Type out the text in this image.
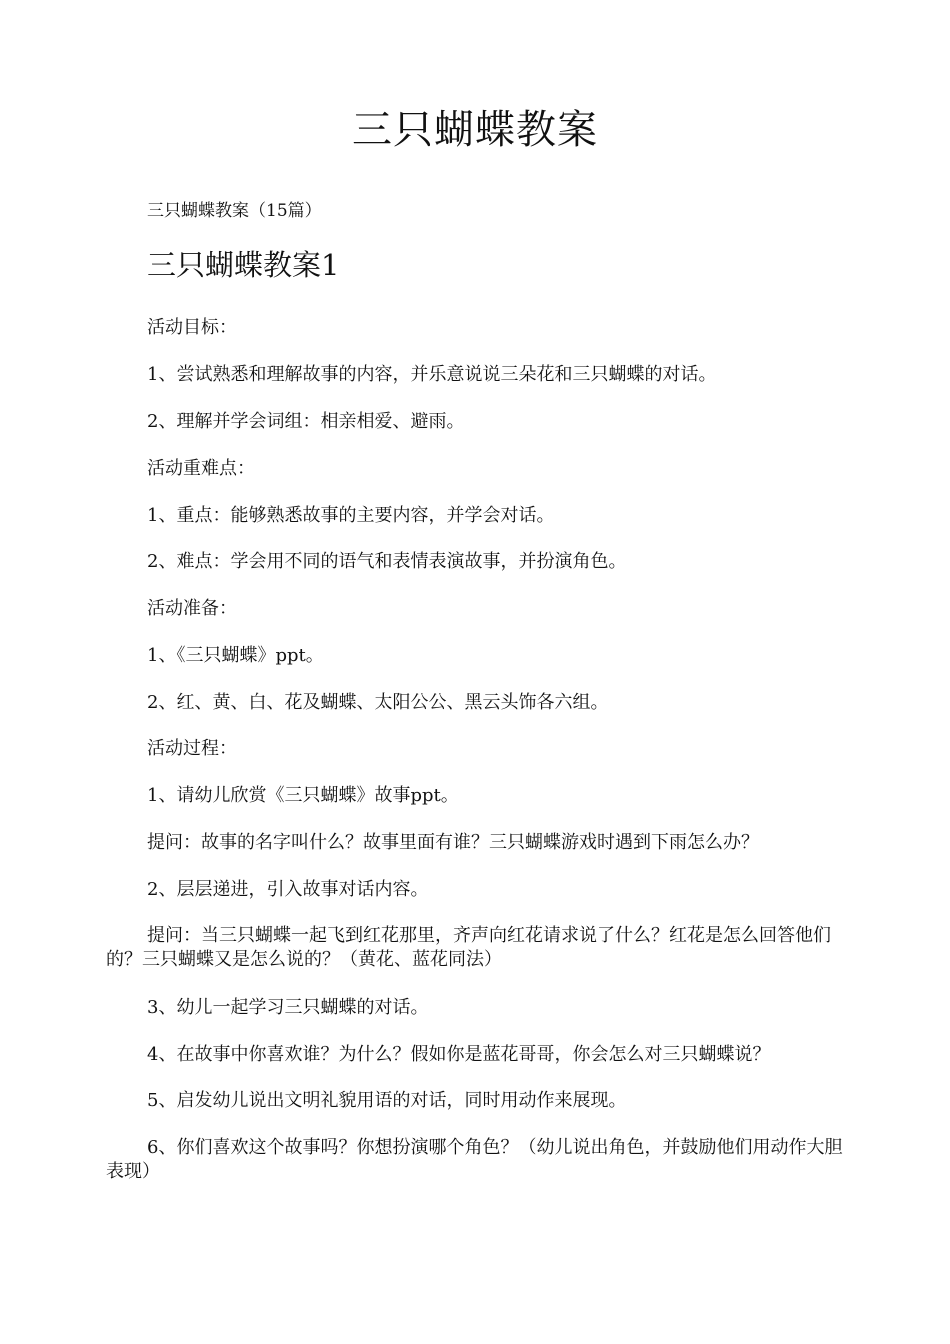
三只蝴蝶教案

三只蝴蝶教案（15篇）

三只蝴蝶教案1

活动目标：

1、尝试熟悉和理解故事的内容，并乐意说说三朵花和三只蝴蝶的对话。

2、理解并学会词组：相亲相爱、避雨。

活动重难点：

1、重点：能够熟悉故事的主要内容，并学会对话。

2、难点：学会用不同的语气和表情表演故事，并扮演角色。

活动准备：

1、《三只蝴蝶》ppt。

2、红、黄、白、花及蝴蝶、太阳公公、黑云头饰各六组。

活动过程：

1、请幼儿欣赏《三只蝴蝶》故事ppt。

提问：故事的名字叫什么？故事里面有谁？三只蝴蝶游戏时遇到下雨怎么办？

2、层层递进，引入故事对话内容。

提问：当三只蝴蝶一起飞到红花那里，齐声向红花请求说了什么？红花是怎么回答他们的？三只蝴蝶又是怎么说的？（黄花、蓝花同法）

3、幼儿一起学习三只蝴蝶的对话。

4、在故事中你喜欢谁？为什么？假如你是蓝花哥哥，你会怎么对三只蝴蝶说？

5、启发幼儿说出文明礼貌用语的对话，同时用动作来展现。

6、你们喜欢这个故事吗？你想扮演哪个角色？（幼儿说出角色，并鼓励他们用动作大胆表现）
